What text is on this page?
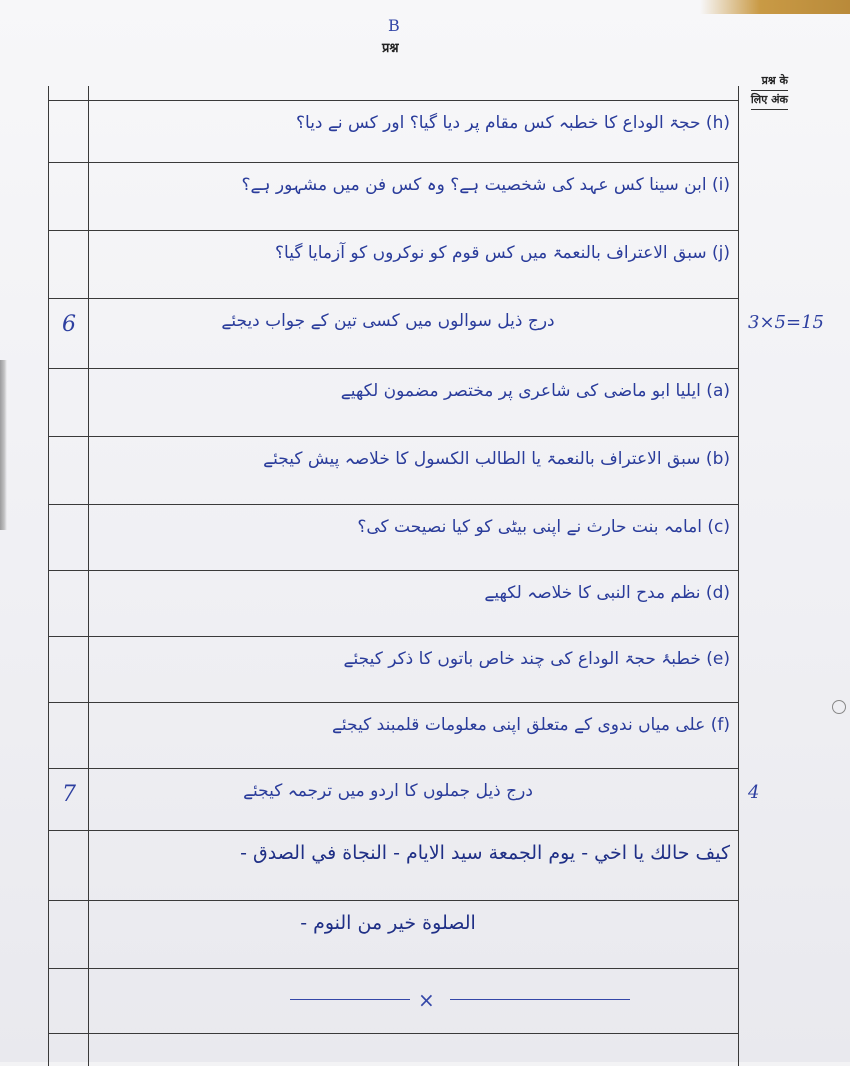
B
प्रश्न
प्रश्न के
लिए अंक
(h) حجۃ الوداع کا خطبہ کس مقام پر دیا گیا؟ اور کس نے دیا؟
(i) ابن سینا کس عہد کی شخصیت ہے؟ وہ کس فن میں مشہور ہے؟
(j) سبق الاعتراف بالنعمۃ میں کس قوم کو نوکروں کو آزمایا گیا؟
6	درج ذیل سوالوں میں کسی تین کے جواب دیجئے	3×5=15
(a) ایلیا ابو ماضی کی شاعری پر مختصر مضمون لکھیے
(b) سبق الاعتراف بالنعمۃ یا الطالب الکسول کا خلاصہ پیش کیجئے
(c) امامہ بنت حارث نے اپنی بیٹی کو کیا نصیحت کی؟
(d) نظم مدح النبی کا خلاصہ لکھیے
(e) خطبۂ حجۃ الوداع کی چند خاص باتوں کا ذکر کیجئے
(f) علی میاں ندوی کے متعلق اپنی معلومات قلمبند کیجئے
7	درج ذیل جملوں کا اردو میں ترجمہ کیجئے	4
كيف حالك يا اخي - يوم الجمعة سيد الايام - النجاة في الصدق -
الصلوة خير من النوم -
×
